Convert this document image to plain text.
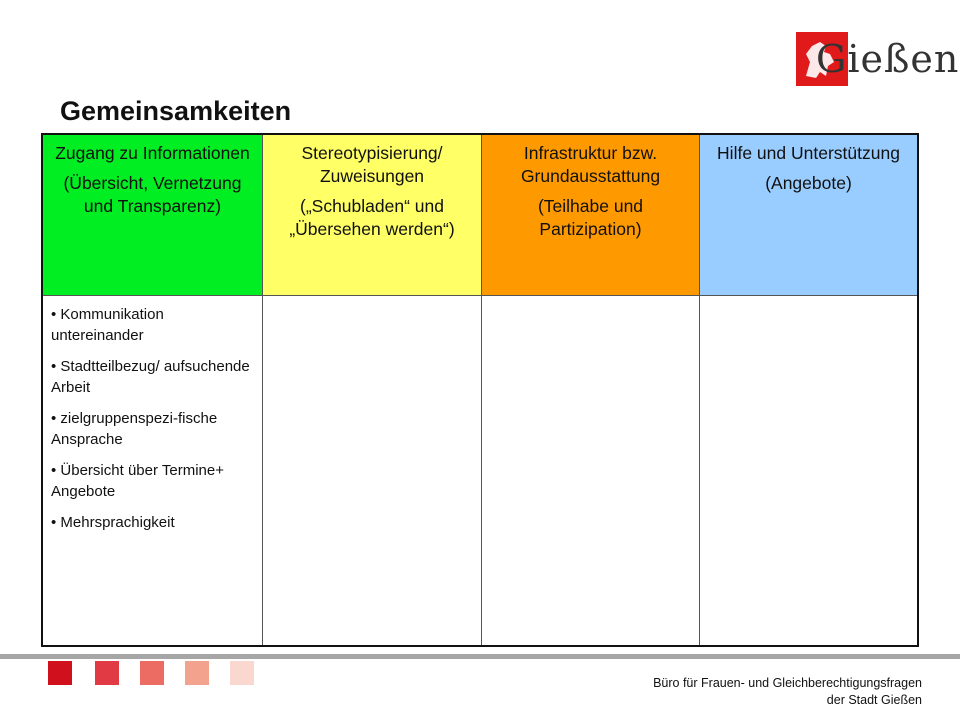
Gießen
Gemeinsamkeiten

Zugang zu Informationen

(Übersicht, Vernetzung und Transparenz)

• Kommunikation untereinander

• Stadtteilbezug/ aufsuchende Arbeit

• zielgruppenspezi-fische Ansprache

• Übersicht über Termine+ Angebote

• Mehrsprachigkeit

Stereotypisierung/ Zuweisungen

(„Schubladen“ und „Übersehen werden“)

Infrastruktur bzw. Grundausstattung

(Teilhabe und Partizipation)

Hilfe und Unterstützung

(Angebote)

Büro für Frauen- und Gleichberechtigungsfragen
der Stadt Gießen
